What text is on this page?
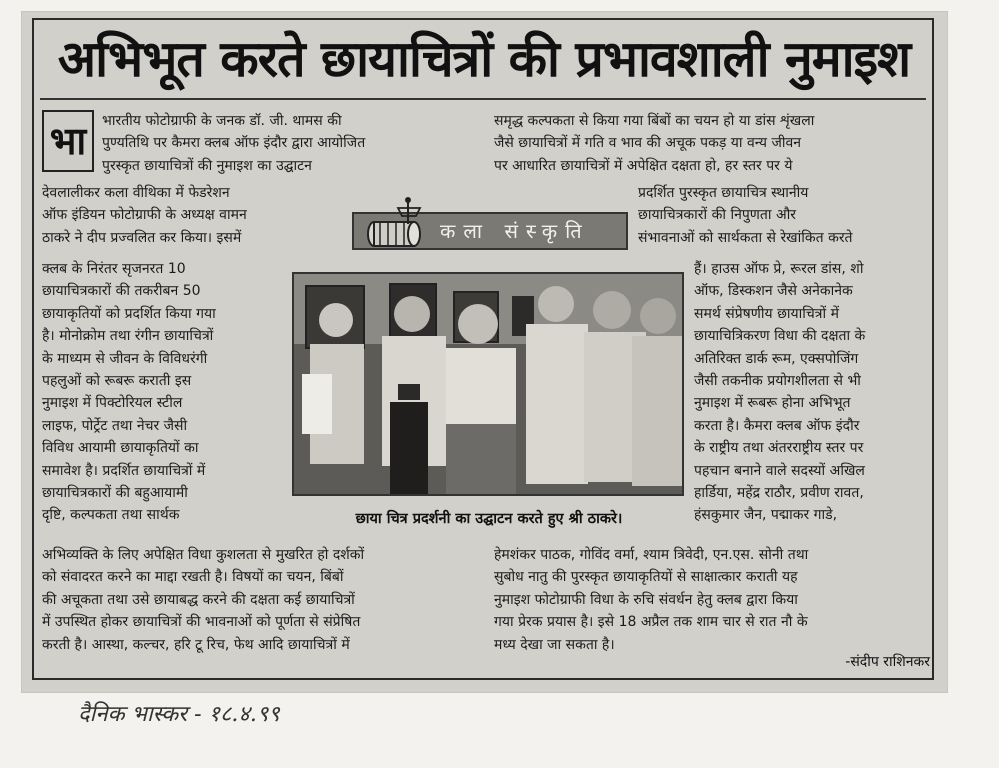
अभिभूत करते छायाचित्रों की प्रभावशाली नुमाइश
भा	भारतीय फोटोग्राफी के जनक डॉ. जी. थामस की
पुण्यतिथि पर कैमरा क्लब ऑफ इंदौर द्वारा आयोजित
पुरस्कृत छायाचित्रों की नुमाइश का उद्घाटन
देवलालीकर कला वीथिका में फेडरेशन
ऑफ इंडियन फोटोग्राफी के अध्यक्ष वामन
ठाकरे ने दीप प्रज्वलित कर किया। इसमें
क्लब के निरंतर सृजनरत 10
छायाचित्रकारों की तकरीबन 50
छायाकृतियों को प्रदर्शित किया गया
है। मोनोक्रोम तथा रंगीन छायाचित्रों
के माध्यम से जीवन के विविधरंगी
पहलुओं को रूबरू कराती इस
नुमाइश में पिक्टोरियल स्टील
लाइफ, पोर्ट्रेट तथा नेचर जैसी
विविध आयामी छायाकृतियों का
समावेश है। प्रदर्शित छायाचित्रों में
छायाचित्रकारों की बहुआयामी
दृष्टि, कल्पकता तथा सार्थक
अभिव्यक्ति के लिए अपेक्षित विधा कुशलता से मुखरित हो दर्शकों
को संवादरत करने का माद्दा रखती है। विषयों का चयन, बिंबों
की अचूकता तथा उसे छायाबद्ध करने की दक्षता कई छायाचित्रों
में उपस्थित होकर छायाचित्रों की भावनाओं को पूर्णता से संप्रेषित
करती है। आस्था, कल्चर, हरि टू रिच, फेथ आदि छायाचित्रों में
समृद्ध कल्पकता से किया गया बिंबों का चयन हो या डांस शृंखला
जैसे छायाचित्रों में गति व भाव की अचूक पकड़ या वन्य जीवन
पर आधारित छायाचित्रों में अपेक्षित दक्षता हो, हर स्तर पर ये
प्रदर्शित पुरस्कृत छायाचित्र स्थानीय
छायाचित्रकारों की निपुणता और
संभावनाओं को सार्थकता से रेखांकित करते
हैं। हाउस ऑफ प्रे, रूरल डांस, शो
ऑफ, डिस्कशन जैसे अनेकानेक
समर्थ संप्रेषणीय छायाचित्रों में
छायाचित्रिकरण विधा की दक्षता के
अतिरिक्त डार्क रूम, एक्सपोजिंग
जैसी तकनीक प्रयोगशीलता से भी
नुमाइश में रूबरू होना अभिभूत
करता है। कैमरा क्लब ऑफ इंदौर
के राष्ट्रीय तथा अंतरराष्ट्रीय स्तर पर
पहचान बनाने वाले सदस्यों अखिल
हार्डिया, महेंद्र राठौर, प्रवीण रावत,
हंसकुमार जैन, पद्माकर गाडे,
हेमशंकर पाठक, गोविंद वर्मा, श्याम त्रिवेदी, एन.एस. सोनी तथा
सुबोध नातु की पुरस्कृत छायाकृतियों से साक्षात्कार कराती यह
नुमाइश फोटोग्राफी विधा के रुचि संवर्धन हेतु क्लब द्वारा किया
गया प्रेरक प्रयास है। इसे 18 अप्रैल तक शाम चार से रात नौ के
मध्य देखा जा सकता है।
कला संस्कृति
छाया चित्र प्रदर्शनी का उद्घाटन करते हुए श्री ठाकरे।
-संदीप राशिनकर
दैनिक भास्कर - १८.४.९९
